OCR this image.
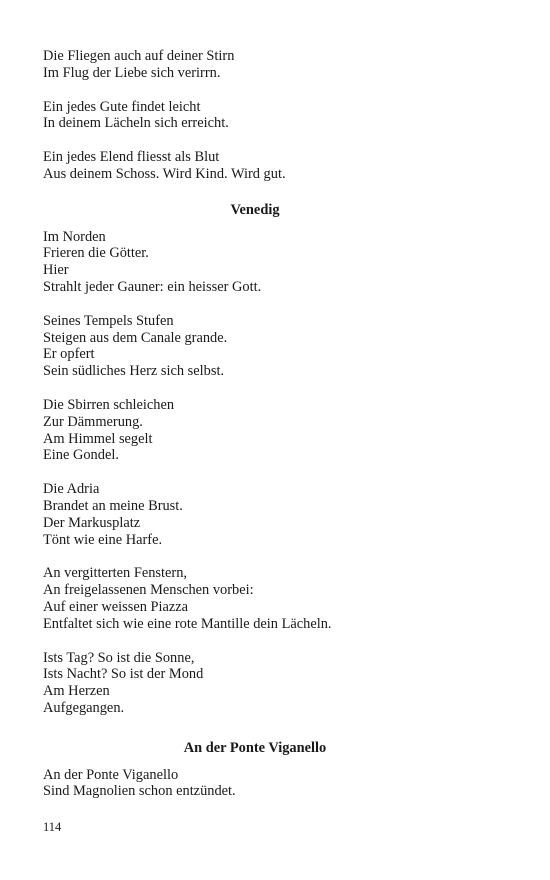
Die Fliegen auch auf deiner Stirn
Im Flug der Liebe sich verirrn.
Ein jedes Gute findet leicht
In deinem Lächeln sich erreicht.
Ein jedes Elend fliesst als Blut
Aus deinem Schoss. Wird Kind. Wird gut.
Venedig
Im Norden
Frieren die Götter.
Hier
Strahlt jeder Gauner: ein heisser Gott.
Seines Tempels Stufen
Steigen aus dem Canale grande.
Er opfert
Sein südliches Herz sich selbst.
Die Sbirren schleichen
Zur Dämmerung.
Am Himmel segelt
Eine Gondel.
Die Adria
Brandet an meine Brust.
Der Markusplatz
Tönt wie eine Harfe.
An vergitterten Fenstern,
An freigelassenen Menschen vorbei:
Auf einer weissen Piazza
Entfaltet sich wie eine rote Mantille dein Lächeln.
Ists Tag? So ist die Sonne,
Ists Nacht? So ist der Mond
Am Herzen
Aufgegangen.
An der Ponte Viganello
An der Ponte Viganello
Sind Magnolien schon entzündet.
114
